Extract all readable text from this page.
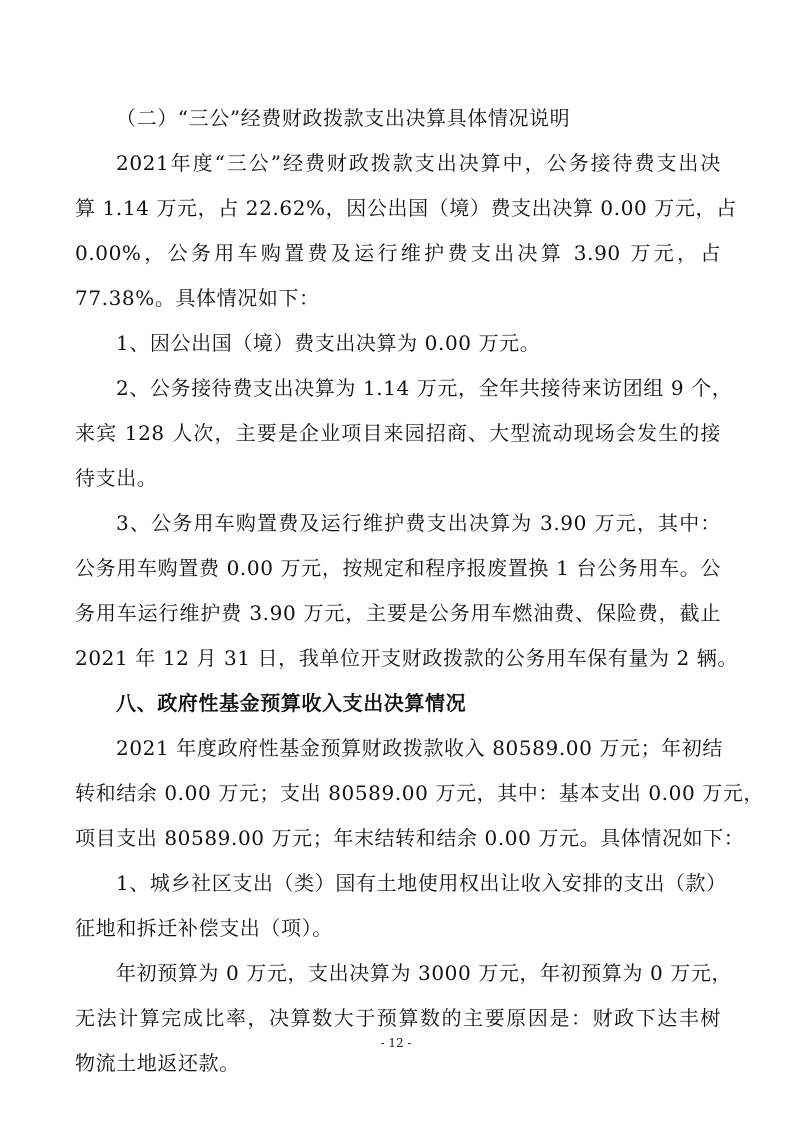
（二）“三公”经费财政拨款支出决算具体情况说明
2021年度“三公”经费财政拨款支出决算中，公务接待费支出决
算 1.14 万元，占 22.62%，因公出国（境）费支出决算 0.00 万元，占
0.00%，公务用车购置费及运行维护费支出决算 3.90 万元，占
77.38%。具体情况如下：
1、因公出国（境）费支出决算为 0.00 万元。
2、公务接待费支出决算为 1.14 万元，全年共接待来访团组 9 个，
来宾 128 人次，主要是企业项目来园招商、大型流动现场会发生的接
待支出。
3、公务用车购置费及运行维护费支出决算为 3.90 万元，其中：
公务用车购置费 0.00 万元，按规定和程序报废置换 1 台公务用车。公
务用车运行维护费 3.90 万元，主要是公务用车燃油费、保险费，截止
2021 年 12 月 31 日，我单位开支财政拨款的公务用车保有量为 2 辆。
八、政府性基金预算收入支出决算情况
2021 年度政府性基金预算财政拨款收入 80589.00 万元；年初结
转和结余 0.00 万元；支出 80589.00 万元，其中：基本支出 0.00 万元，
项目支出 80589.00 万元；年末结转和结余 0.00 万元。具体情况如下：
1、城乡社区支出（类）国有土地使用权出让收入安排的支出（款）
征地和拆迁补偿支出（项）。
年初预算为 0 万元，支出决算为 3000 万元，年初预算为 0 万元，
无法计算完成比率，决算数大于预算数的主要原因是：财政下达丰树
物流土地返还款。
- 12 -
